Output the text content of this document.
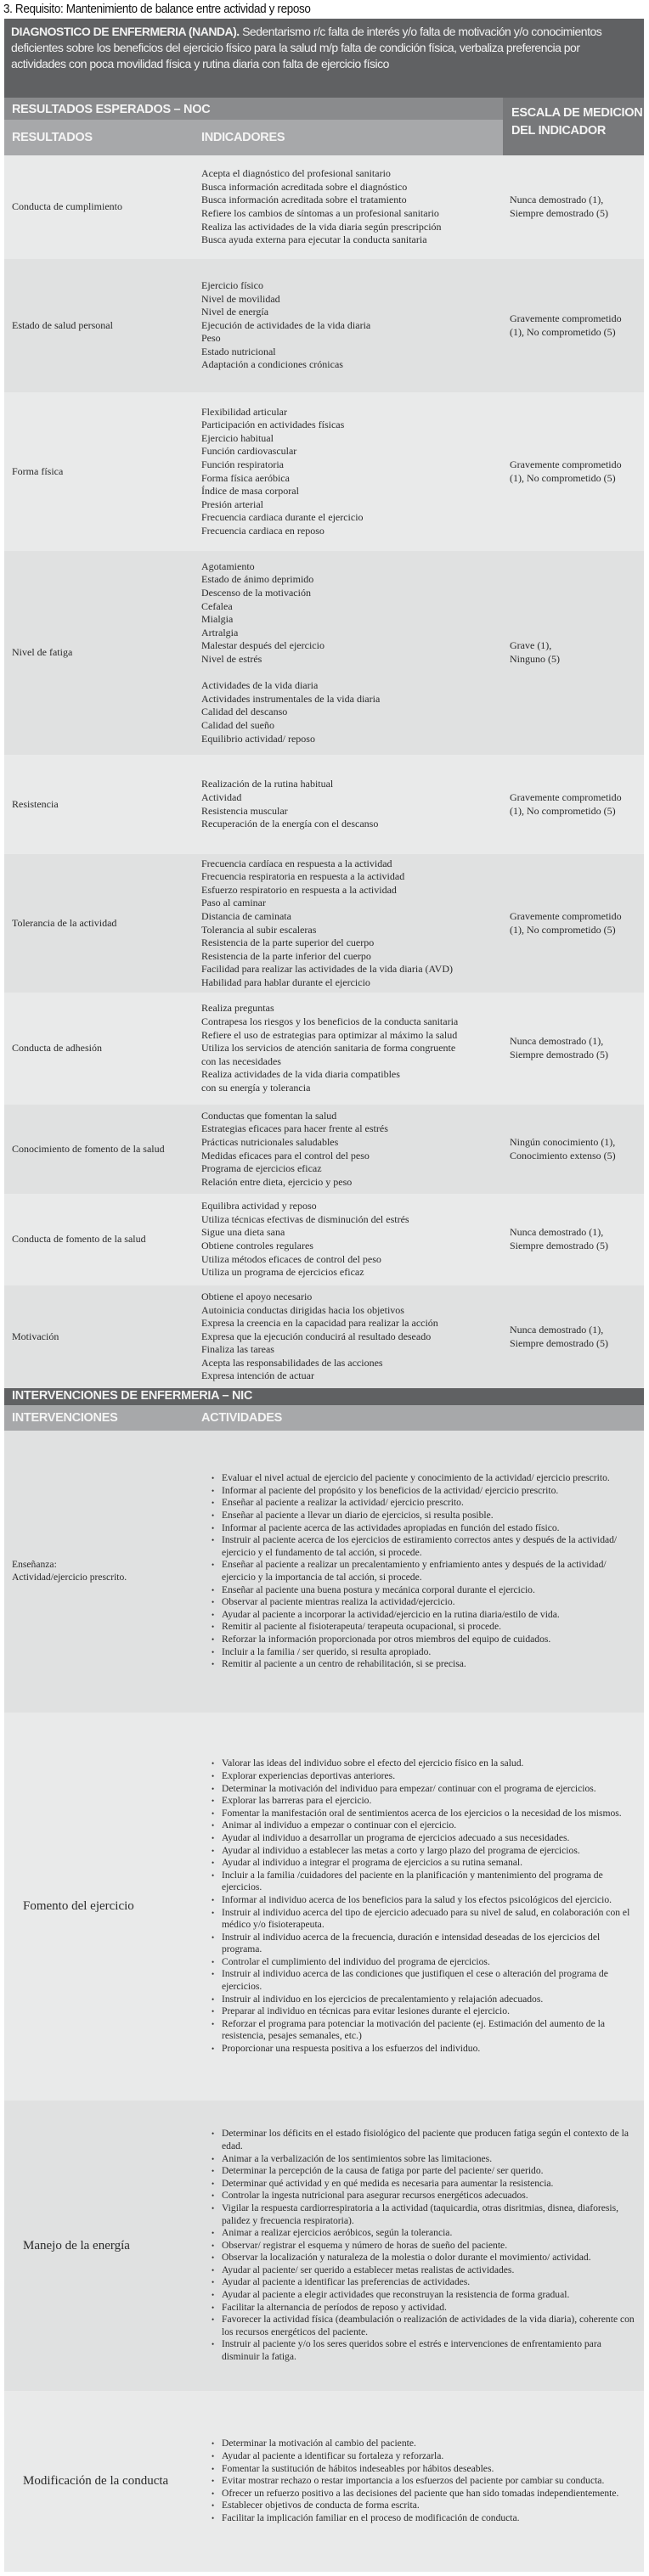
3. Requisito: Mantenimiento de balance entre actividad y reposo
DIAGNOSTICO DE ENFERMERIA (NANDA). Sedentarismo r/c falta de interés y/o falta de motivación y/o conocimientos deficientes sobre los beneficios del ejercicio físico para la salud m/p falta de condición física, verbaliza preferencia por actividades con poca movilidad física y rutina diaria con falta de ejercicio físico
RESULTADOS ESPERADOS – NOC
RESULTADOS	INDICADORES
ESCALA DE MEDICION DEL INDICADOR
Conducta de cumplimiento
Acepta el diagnóstico del profesional sanitario
Busca información acreditada sobre el diagnóstico
Busca información acreditada sobre el tratamiento
Refiere los cambios de síntomas a un profesional sanitario
Realiza las actividades de la vida diaria según prescripción
Busca ayuda externa para ejecutar la conducta sanitaria
Nunca demostrado (1),
Siempre demostrado (5)
Estado de salud personal
Ejercicio físico
Nivel de movilidad
Nivel de energía
Ejecución de actividades de la vida diaria
Peso
Estado nutricional
Adaptación a condiciones crónicas
Gravemente comprometido
(1), No comprometido (5)
Forma física
Flexibilidad articular
Participación en actividades físicas
Ejercicio habitual
Función cardiovascular
Función respiratoria
Forma física aeróbica
Índice de masa corporal
Presión arterial
Frecuencia cardiaca durante el ejercicio
Frecuencia cardiaca en reposo
Gravemente comprometido
(1), No comprometido (5)
Nivel de fatiga
Agotamiento
Estado de ánimo deprimido
Descenso de la motivación
Cefalea
Mialgia
Artralgia
Malestar después del ejercicio
Nivel de estrés
Actividades de la vida diaria
Actividades instrumentales de la vida diaria
Calidad del descanso
Calidad del sueño
Equilibrio actividad/ reposo
Grave (1),
Ninguno (5)
Resistencia
Realización de la rutina habitual
Actividad
Resistencia muscular
Recuperación de la energía con el descanso
Gravemente comprometido
(1), No comprometido (5)
Tolerancia de la actividad
Frecuencia cardíaca en respuesta a la actividad
Frecuencia respiratoria en respuesta a la actividad
Esfuerzo respiratorio en respuesta a la actividad
Paso al caminar
Distancia de caminata
Tolerancia al subir escaleras
Resistencia de la parte superior del cuerpo
Resistencia de la parte inferior del cuerpo
Facilidad para realizar las actividades de la vida diaria (AVD)
Habilidad para hablar durante el ejercicio
Gravemente comprometido
(1), No comprometido (5)
Conducta de adhesión
Realiza preguntas
Contrapesa los riesgos y los beneficios de la conducta sanitaria
Refiere el uso de estrategias para optimizar al máximo la salud
Utiliza los servicios de atención sanitaria de forma congruente
con las necesidades
Realiza actividades de la vida diaria compatibles
con su energía y tolerancia
Nunca demostrado (1),
Siempre demostrado (5)
Conocimiento de fomento de la salud
Conductas que fomentan la salud
Estrategias eficaces para hacer frente al estrés
Prácticas nutricionales saludables
Medidas eficaces para el control del peso
Programa de ejercicios eficaz
Relación entre dieta, ejercicio y peso
Ningún conocimiento (1),
Conocimiento extenso (5)
Conducta de fomento de la salud
Equilibra actividad y reposo
Utiliza técnicas efectivas de disminución del estrés
Sigue una dieta sana
Obtiene controles regulares
Utiliza métodos eficaces de control del peso
Utiliza un programa de ejercicios eficaz
Nunca demostrado (1),
Siempre demostrado (5)
Motivación
Obtiene el apoyo necesario
Autoinicia conductas dirigidas hacia los objetivos
Expresa la creencia en la capacidad para realizar la acción
Expresa que la ejecución conducirá al resultado deseado
Finaliza las tareas
Acepta las responsabilidades de las acciones
Expresa intención de actuar
Nunca demostrado (1),
Siempre demostrado (5)
INTERVENCIONES DE ENFERMERIA – NIC
INTERVENCIONES	ACTIVIDADES
Enseñanza:
Actividad/ejercicio prescrito.
• Evaluar el nivel actual de ejercicio del paciente y conocimiento de la actividad/ ejercicio prescrito.
• Informar al paciente del propósito y los beneficios de la actividad/ ejercicio prescrito.
• Enseñar al paciente a realizar la actividad/ ejercicio prescrito.
• Enseñar al paciente a llevar un diario de ejercicios, si resulta posible.
• Informar al paciente acerca de las actividades apropiadas en función del estado físico.
• Instruir al paciente acerca de los ejercicios de estiramiento correctos antes y después de la actividad/ ejercicio y el fundamento de tal acción, si procede.
• Enseñar al paciente a realizar un precalentamiento y enfriamiento antes y después de la actividad/ ejercicio y la importancia de tal acción, si procede.
• Enseñar al paciente una buena postura y mecánica corporal durante el ejercicio.
• Observar al paciente mientras realiza la actividad/ejercicio.
• Ayudar al paciente a incorporar la actividad/ejercicio en la rutina diaria/estilo de vida.
• Remitir al paciente al fisioterapeuta/ terapeuta ocupacional, si procede.
• Reforzar la información proporcionada por otros miembros del equipo de cuidados.
• Incluir a la familia / ser querido, si resulta apropiado.
• Remitir al paciente a un centro de rehabilitación, si se precisa.
Fomento del ejercicio
• Valorar las ideas del individuo sobre el efecto del ejercicio físico en la salud.
• Explorar experiencias deportivas anteriores.
• Determinar la motivación del individuo para empezar/ continuar con el programa de ejercicios.
• Explorar las barreras para el ejercicio.
• Fomentar la manifestación oral de sentimientos acerca de los ejercicios o la necesidad de los mismos.
• Animar al individuo a empezar o continuar con el ejercicio.
• Ayudar al individuo a desarrollar un programa de ejercicios adecuado a sus necesidades.
• Ayudar al individuo a establecer las metas a corto y largo plazo del programa de ejercicios.
• Ayudar al individuo a integrar el programa de ejercicios a su rutina semanal.
• Incluir a la familia /cuidadores del paciente en la planificación y mantenimiento del programa de ejercicios.
• Informar al individuo acerca de los beneficios para la salud y los efectos psicológicos del ejercicio.
• Instruir al individuo acerca del tipo de ejercicio adecuado para su nivel de salud, en colaboración con el médico y/o fisioterapeuta.
• Instruir al individuo acerca de la frecuencia, duración e intensidad deseadas de los ejercicios del programa.
• Controlar el cumplimiento del individuo del programa de ejercicios.
• Instruir al individuo acerca de las condiciones que justifiquen el cese o alteración del programa de ejercicios.
• Instruir al individuo en los ejercicios de precalentamiento y relajación adecuados.
• Preparar al individuo en técnicas para evitar lesiones durante el ejercicio.
• Reforzar el programa para potenciar la motivación del paciente (ej. Estimación del aumento de la resistencia, pesajes semanales, etc.)
• Proporcionar una respuesta positiva a los esfuerzos del individuo.
Manejo de la energía
• Determinar los déficits en el estado fisiológico del paciente que producen fatiga según el contexto de la edad.
• Animar a la verbalización de los sentimientos sobre las limitaciones.
• Determinar la percepción de la causa de fatiga por parte del paciente/ ser querido.
• Determinar qué actividad y en qué medida es necesaria para aumentar la resistencia.
• Controlar la ingesta nutricional para asegurar recursos energéticos adecuados.
• Vigilar la respuesta cardiorrespiratoria a la actividad (taquicardia, otras disritmias, disnea, diaforesis, palidez y frecuencia respiratoria).
• Animar a realizar ejercicios aeróbicos, según la tolerancia.
• Observar/ registrar el esquema y número de horas de sueño del paciente.
• Observar la localización y naturaleza de la molestia o dolor durante el movimiento/ actividad.
• Ayudar al paciente/ ser querido a establecer metas realistas de actividades.
• Ayudar al paciente a identificar las preferencias de actividades.
• Ayudar al paciente a elegir actividades que reconstruyan la resistencia de forma gradual.
• Facilitar la alternancia de períodos de reposo y actividad.
• Favorecer la actividad física (deambulación o realización de actividades de la vida diaria), coherente con los recursos energéticos del paciente.
• Instruir al paciente y/o los seres queridos sobre el estrés e intervenciones de enfrentamiento para disminuir la fatiga.
Modificación de la conducta
• Determinar la motivación al cambio del paciente.
• Ayudar al paciente a identificar su fortaleza y reforzarla.
• Fomentar la sustitución de hábitos indeseables por hábitos deseables.
• Evitar mostrar rechazo o restar importancia a los esfuerzos del paciente por cambiar su conducta.
• Ofrecer un refuerzo positivo a las decisiones del paciente que han sido tomadas independientemente.
• Establecer objetivos de conducta de forma escrita.
• Facilitar la implicación familiar en el proceso de modificación de conducta.
